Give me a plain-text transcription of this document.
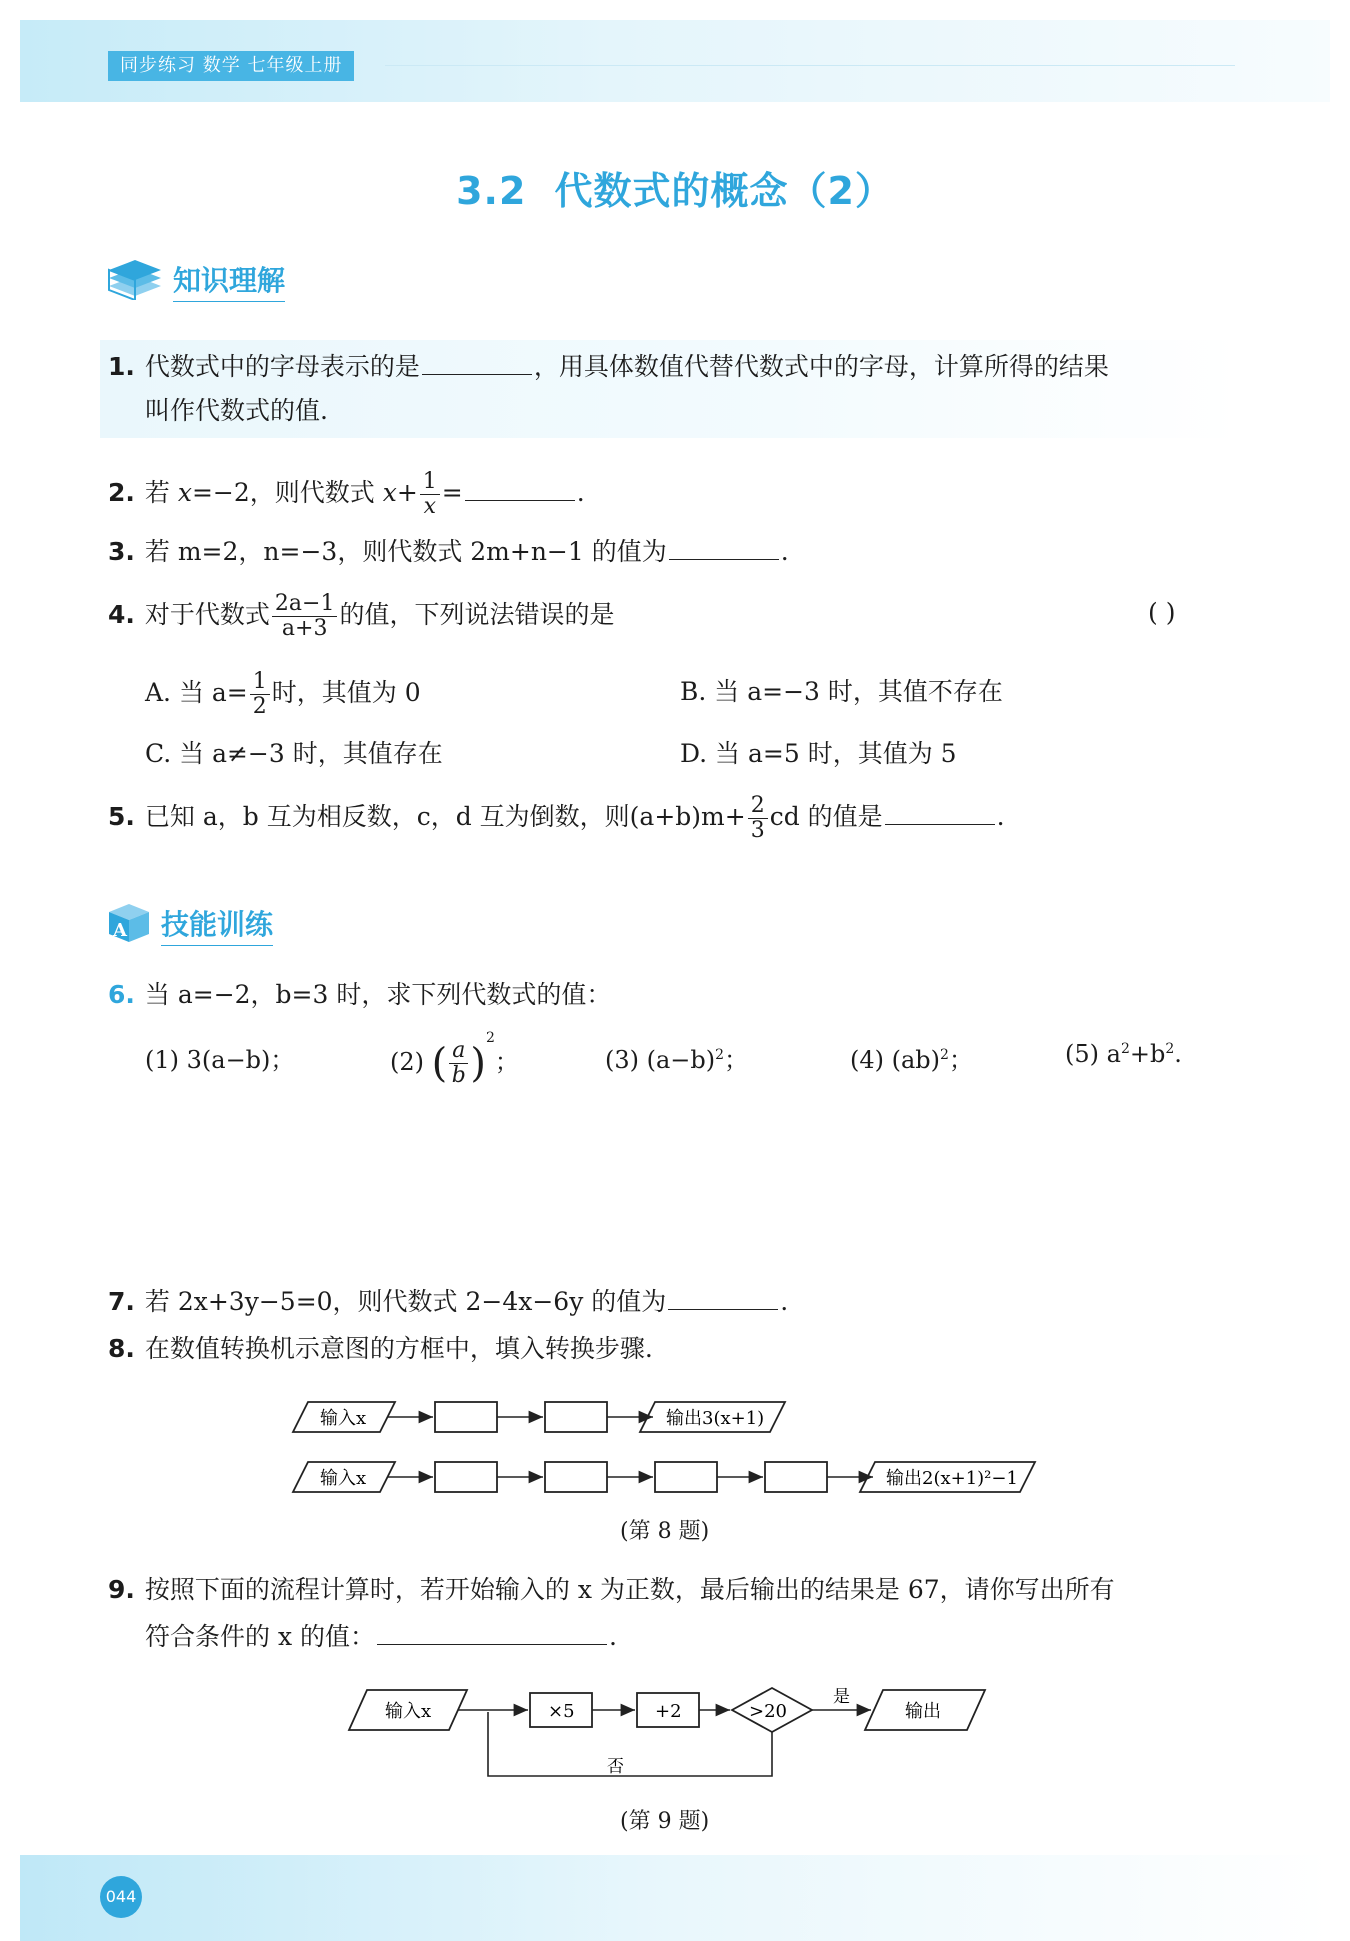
同步练习 数学 七年级上册
3.2 代数式的概念（2）
知识理解
1. 代数式中的字母表示的是	，用具体数值代替代数式中的字母，计算所得的结果
叫作代数式的值.
2. 若 x=−2，则代数式 $x+ \frac{1}{x}$ =	.
3. 若 m=2，n=−3，则代数式 2m+n−1 的值为	.
4. 对于代数式 $\frac{2a-1}{a+3}$ 的值，下列说法错误的是	( )
A. 当 $a= \frac{1}{2}$ 时，其值为 0	B. 当 a=−3 时，其值不存在
C. 当 a≠−3 时，其值存在	D. 当 a=5 时，其值为 5
5. 已知 a，b 互为相反数，c，d 互为倒数，则$(a+b)m+ \frac{2}{3}$ cd 的值是	.
A 技能训练
6. 当 a=−2，b=3 时，求下列代数式的值：
(1) 3(a−b)；	(2) ( $\frac{a}{b} )^2$；	(3) $(a-b)^2$；	(4) (ab)$^2$；	(5) $a^2+b^2$.
7. 若 2x+3y−5=0，则代数式 2−4x−6y 的值为	.
8. 在数值转换机示意图的方框中，填入转换步骤.
输入x	输出3(x+1)
输入x	输出2(x+1)²−1
(第 8 题)
9. 按照下面的流程计算时，若开始输入的 x 为正数，最后输出的结果是 67，请你写出所有
符合条件的 x 的值：	.
输入x	×5	+2	>20
是
输出
否
(第 9 题)
044
